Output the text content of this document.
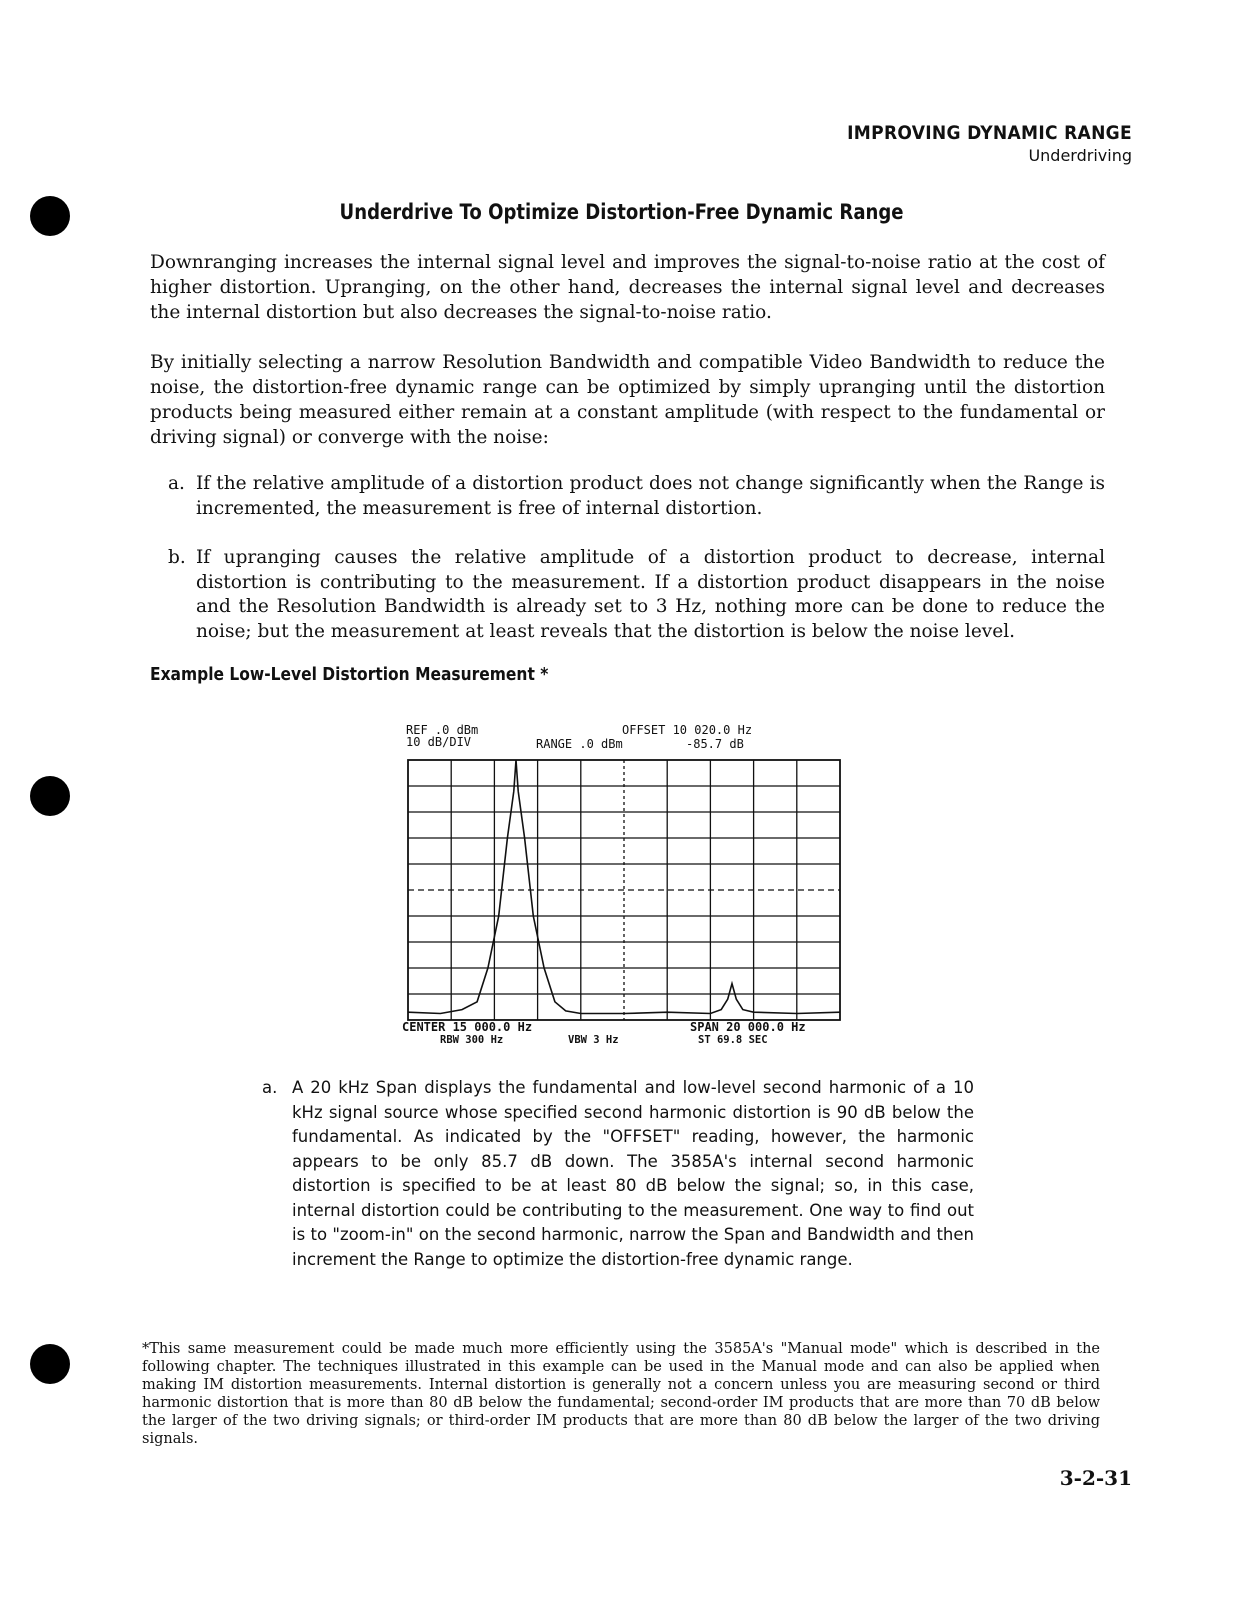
IMPROVING DYNAMIC RANGE
Underdriving
Underdrive To Optimize Distortion-Free Dynamic Range

Downranging increases the internal signal level and improves the signal-to-noise ratio at the cost of higher distortion. Upranging, on the other hand, decreases the internal signal level and decreases the internal distortion but also decreases the signal-to-noise ratio.

By initially selecting a narrow Resolution Bandwidth and compatible Video Bandwidth to reduce the noise, the distortion-free dynamic range can be optimized by simply upranging until the distortion products being measured either remain at a constant amplitude (with respect to the fundamental or driving signal) or converge with the noise:

a. If the relative amplitude of a distortion product does not change significantly when the Range is incremented, the measurement is free of internal distortion.
b. If upranging causes the relative amplitude of a distortion product to decrease, internal distortion is contributing to the measurement. If a distortion product disappears in the noise and the Resolution Bandwidth is already set to 3 Hz, nothing more can be done to reduce the noise; but the measurement at least reveals that the distortion is below the noise level.
Example Low-Level Distortion Measurement *
REF .0 dBm
10 dB/DIV	RANGE .0 dBm
OFFSET 10 020.0 Hz
-85.7 dB
CENTER 15 000.0 Hz
RBW 300 Hz	VBW 3 Hz
SPAN 20 000.0 Hz
ST 69.8 SEC
a. A 20 kHz Span displays the fundamental and low-level second harmonic of a 10 kHz signal source whose specified second harmonic distortion is 90 dB below the fundamental. As indicated by the "OFFSET" reading, however, the harmonic appears to be only 85.7 dB down. The 3585A's internal second harmonic distortion is specified to be at least 80 dB below the signal; so, in this case, internal distortion could be contributing to the measurement. One way to find out is to "zoom-in" on the second harmonic, narrow the Span and Bandwidth and then increment the Range to optimize the distortion-free dynamic range.
*This same measurement could be made much more efficiently using the 3585A's "Manual mode" which is described in the following chapter. The techniques illustrated in this example can be used in the Manual mode and can also be applied when making IM distortion measurements. Internal distortion is generally not a concern unless you are measuring second or third harmonic distortion that is more than 80 dB below the fundamental; second-order IM products that are more than 70 dB below the larger of the two driving signals; or third-order IM products that are more than 80 dB below the larger of the two driving signals.
3-2-31
